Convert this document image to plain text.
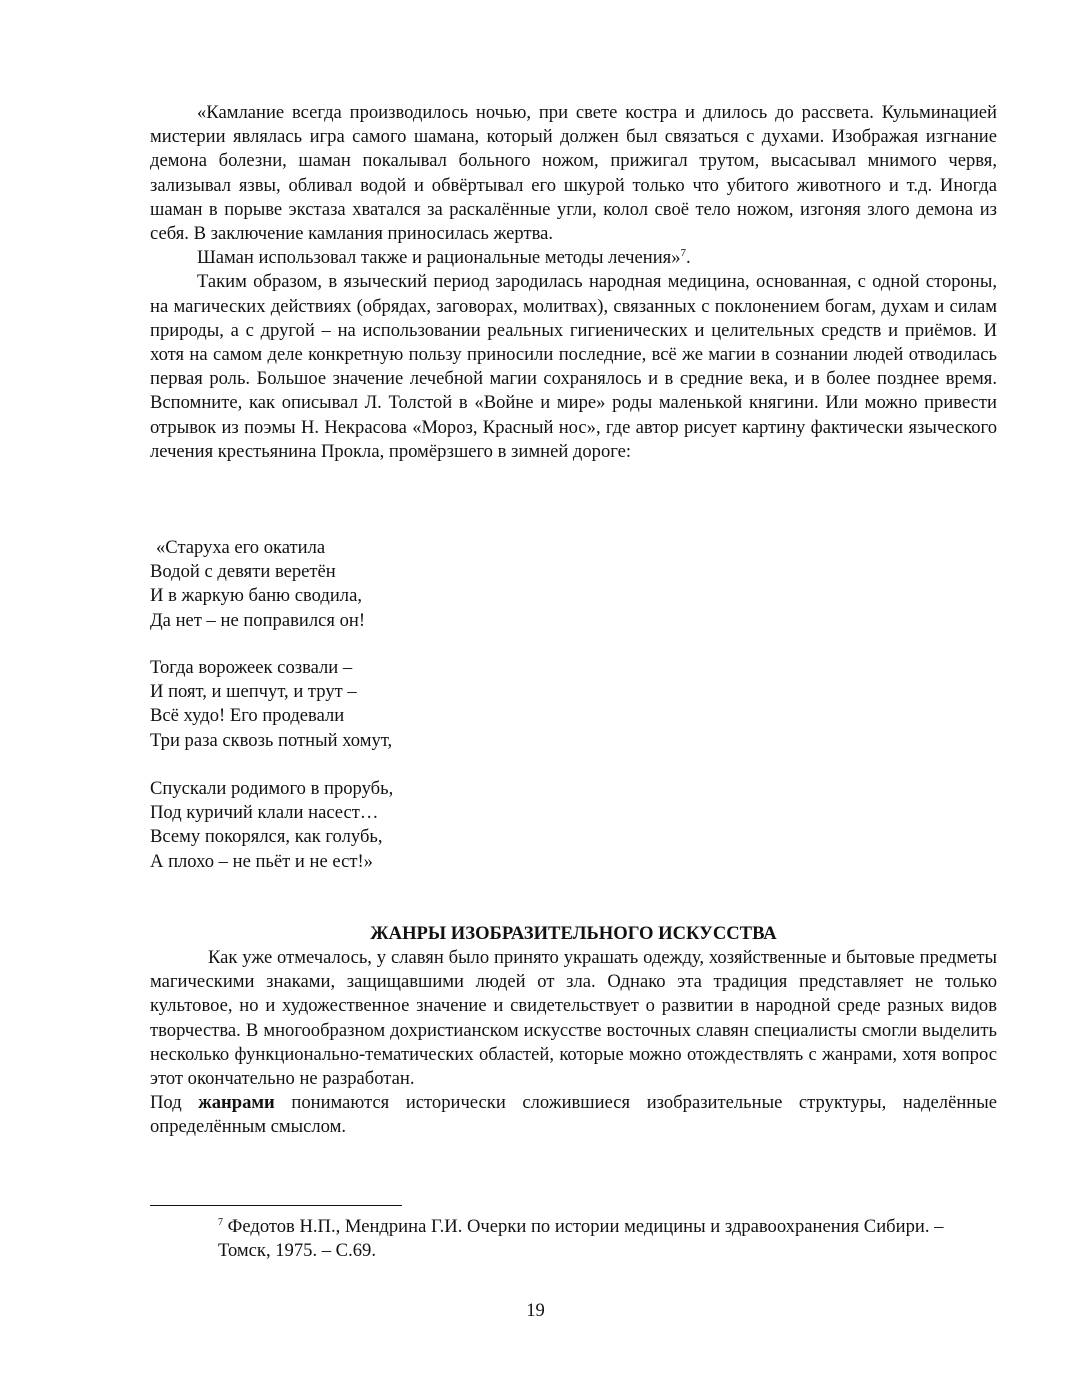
«Камлание всегда производилось ночью, при свете костра и длилось до рассвета. Кульминацией мистерии являлась игра самого шамана, который должен был связаться с духами. Изображая изгнание демона болезни, шаман покалывал больного ножом, прижигал трутом, высасывал мнимого червя, зализывал язвы, обливал водой и обвёртывал его шкурой только что убитого животного и т.д. Иногда шаман в порыве экстаза хватался за раскалённые угли, колол своё тело ножом, изгоняя злого демона из себя. В заключение камлания приносилась жертва.

Шаман использовал также и рациональные методы лечения»$^7$.

Таким образом, в языческий период зародилась народная медицина, основанная, с одной стороны, на магических действиях (обрядах, заговорах, молитвах), связанных с поклонением богам, духам и силам природы, а с другой – на использовании реальных гигиенических и целительных средств и приёмов. И хотя на самом деле конкретную пользу приносили последние, всё же магии в сознании людей отводилась первая роль. Большое значение лечебной магии сохранялось и в средние века, и в более позднее время. Вспомните, как описывал Л. Толстой в «Войне и мире» роды маленькой княгини. Или можно привести отрывок из поэмы Н. Некрасова «Мороз, Красный нос», где автор рисует картину фактически языческого лечения крестьянина Прокла, промёрзшего в зимней дороге:

«Старуха его окатила
Водой с девяти веретён
И в жаркую баню сводила,
Да нет – не поправился он!
Тогда ворожеек созвали –
И поят, и шепчут, и трут –
Всё худо! Его продевали
Три раза сквозь потный хомут,
Спускали родимого в прорубь,
Под куричий клали насест…
Всему покорялся, как голубь,
А плохо – не пьёт и не ест!»
ЖАНРЫ ИЗОБРАЗИТЕЛЬНОГО ИСКУССТВА

Как уже отмечалось, у славян было принято украшать одежду, хозяйственные и бытовые предметы магическими знаками, защищавшими людей от зла. Однако эта традиция представляет не только культовое, но и художественное значение и свидетельствует о развитии в народной среде разных видов творчества. В многообразном дохристианском искусстве восточных славян специалисты смогли выделить несколько функционально-тематических областей, которые можно отождествлять с жанрами, хотя вопрос этот окончательно не разработан.

Под жанрами понимаются исторически сложившиеся изобразительные структуры, наделённые определённым смыслом.

$^7$ Федотов Н.П., Мендрина Г.И. Очерки по истории медицины и здравоохранения Сибири. – Томск, 1975. – С.69.

19
